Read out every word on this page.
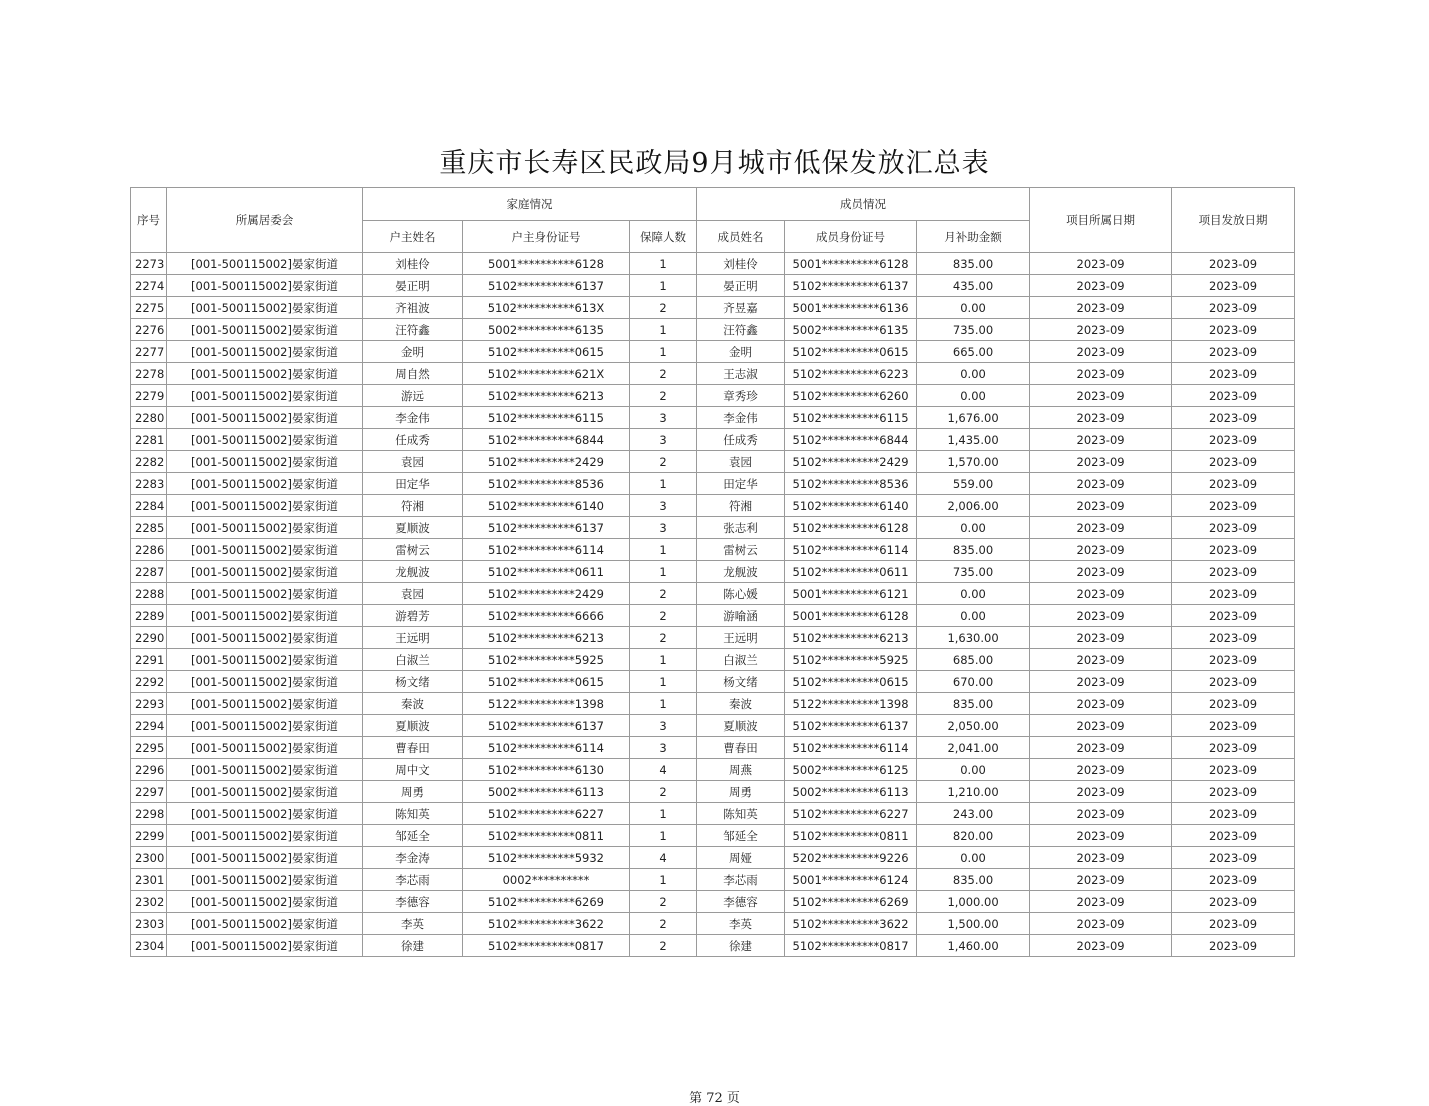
重庆市长寿区民政局9月城市低保发放汇总表
序号	所属居委会	家庭情况			成员情况			项目所属日期	项目发放日期
		户主姓名	户主身份证号	保障人数	成员姓名	成员身份证号	月补助金额		
2273	[001-500115002]晏家街道	刘桂伶	5001**********6128	1	刘桂伶	5001**********6128	835.00	2023-09	2023-09
2274	[001-500115002]晏家街道	晏正明	5102**********6137	1	晏正明	5102**********6137	435.00	2023-09	2023-09
2275	[001-500115002]晏家街道	齐祖波	5102**********613X	2	齐昱嘉	5001**********6136	0.00	2023-09	2023-09
2276	[001-500115002]晏家街道	汪符鑫	5002**********6135	1	汪符鑫	5002**********6135	735.00	2023-09	2023-09
2277	[001-500115002]晏家街道	金明	5102**********0615	1	金明	5102**********0615	665.00	2023-09	2023-09
2278	[001-500115002]晏家街道	周自然	5102**********621X	2	王志淑	5102**********6223	0.00	2023-09	2023-09
2279	[001-500115002]晏家街道	游远	5102**********6213	2	章秀珍	5102**********6260	0.00	2023-09	2023-09
2280	[001-500115002]晏家街道	李金伟	5102**********6115	3	李金伟	5102**********6115	1,676.00	2023-09	2023-09
2281	[001-500115002]晏家街道	任成秀	5102**********6844	3	任成秀	5102**********6844	1,435.00	2023-09	2023-09
2282	[001-500115002]晏家街道	袁园	5102**********2429	2	袁园	5102**********2429	1,570.00	2023-09	2023-09
2283	[001-500115002]晏家街道	田定华	5102**********8536	1	田定华	5102**********8536	559.00	2023-09	2023-09
2284	[001-500115002]晏家街道	符湘	5102**********6140	3	符湘	5102**********6140	2,006.00	2023-09	2023-09
2285	[001-500115002]晏家街道	夏顺波	5102**********6137	3	张志利	5102**********6128	0.00	2023-09	2023-09
2286	[001-500115002]晏家街道	雷树云	5102**********6114	1	雷树云	5102**********6114	835.00	2023-09	2023-09
2287	[001-500115002]晏家街道	龙舰波	5102**********0611	1	龙舰波	5102**********0611	735.00	2023-09	2023-09
2288	[001-500115002]晏家街道	袁园	5102**********2429	2	陈心媛	5001**********6121	0.00	2023-09	2023-09
2289	[001-500115002]晏家街道	游碧芳	5102**********6666	2	游喻涵	5001**********6128	0.00	2023-09	2023-09
2290	[001-500115002]晏家街道	王远明	5102**********6213	2	王远明	5102**********6213	1,630.00	2023-09	2023-09
2291	[001-500115002]晏家街道	白淑兰	5102**********5925	1	白淑兰	5102**********5925	685.00	2023-09	2023-09
2292	[001-500115002]晏家街道	杨文绪	5102**********0615	1	杨文绪	5102**********0615	670.00	2023-09	2023-09
2293	[001-500115002]晏家街道	秦波	5122**********1398	1	秦波	5122**********1398	835.00	2023-09	2023-09
2294	[001-500115002]晏家街道	夏顺波	5102**********6137	3	夏顺波	5102**********6137	2,050.00	2023-09	2023-09
2295	[001-500115002]晏家街道	曹春田	5102**********6114	3	曹春田	5102**********6114	2,041.00	2023-09	2023-09
2296	[001-500115002]晏家街道	周中文	5102**********6130	4	周燕	5002**********6125	0.00	2023-09	2023-09
2297	[001-500115002]晏家街道	周勇	5002**********6113	2	周勇	5002**********6113	1,210.00	2023-09	2023-09
2298	[001-500115002]晏家街道	陈知英	5102**********6227	1	陈知英	5102**********6227	243.00	2023-09	2023-09
2299	[001-500115002]晏家街道	邹延全	5102**********0811	1	邹延全	5102**********0811	820.00	2023-09	2023-09
2300	[001-500115002]晏家街道	李金涛	5102**********5932	4	周娅	5202**********9226	0.00	2023-09	2023-09
2301	[001-500115002]晏家街道	李芯雨	0002**********	1	李芯雨	5001**********6124	835.00	2023-09	2023-09
2302	[001-500115002]晏家街道	李德容	5102**********6269	2	李德容	5102**********6269	1,000.00	2023-09	2023-09
2303	[001-500115002]晏家街道	李英	5102**********3622	2	李英	5102**********3622	1,500.00	2023-09	2023-09
2304	[001-500115002]晏家街道	徐建	5102**********0817	2	徐建	5102**********0817	1,460.00	2023-09	2023-09
第 72 页
